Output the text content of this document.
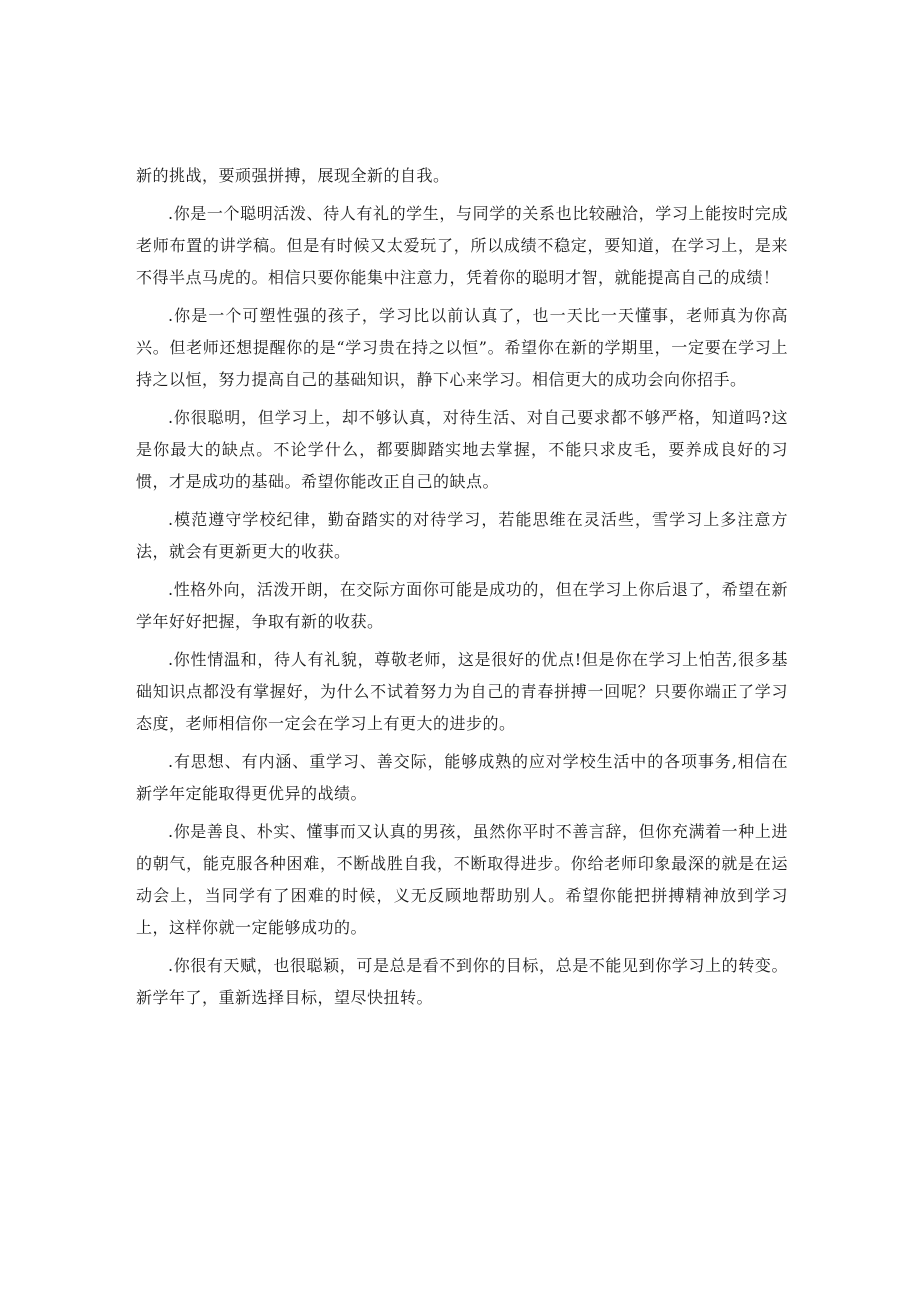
新的挑战，要顽强拼搏，展现全新的自我。

.你是一个聪明活泼、待人有礼的学生，与同学的关系也比较融洽，学习上能按时完成老师布置的讲学稿。但是有时候又太爱玩了，所以成绩不稳定，要知道，在学习上，是来不得半点马虎的。相信只要你能集中注意力，凭着你的聪明才智，就能提高自己的成绩！

.你是一个可塑性强的孩子，学习比以前认真了，也一天比一天懂事，老师真为你高兴。但老师还想提醒你的是“学习贵在持之以恒”。希望你在新的学期里，一定要在学习上持之以恒，努力提高自己的基础知识，静下心来学习。相信更大的成功会向你招手。

.你很聪明，但学习上，却不够认真，对待生活、对自己要求都不够严格，知道吗?这是你最大的缺点。不论学什么，都要脚踏实地去掌握，不能只求皮毛，要养成良好的习惯，才是成功的基础。希望你能改正自己的缺点。

.模范遵守学校纪律，勤奋踏实的对待学习，若能思维在灵活些，雪学习上多注意方法，就会有更新更大的收获。

.性格外向，活泼开朗，在交际方面你可能是成功的，但在学习上你后退了，希望在新学年好好把握，争取有新的收获。

.你性情温和，待人有礼貌，尊敬老师，这是很好的优点!但是你在学习上怕苦,很多基础知识点都没有掌握好，为什么不试着努力为自己的青春拼搏一回呢？只要你端正了学习态度，老师相信你一定会在学习上有更大的进步的。

.有思想、有内涵、重学习、善交际，能够成熟的应对学校生活中的各项事务,相信在新学年定能取得更优异的战绩。

.你是善良、朴实、懂事而又认真的男孩，虽然你平时不善言辞，但你充满着一种上进的朝气，能克服各种困难，不断战胜自我，不断取得进步。你给老师印象最深的就是在运动会上，当同学有了困难的时候，义无反顾地帮助别人。希望你能把拼搏精神放到学习上，这样你就一定能够成功的。

.你很有天赋，也很聪颖，可是总是看不到你的目标，总是不能见到你学习上的转变。新学年了，重新选择目标，望尽快扭转。
